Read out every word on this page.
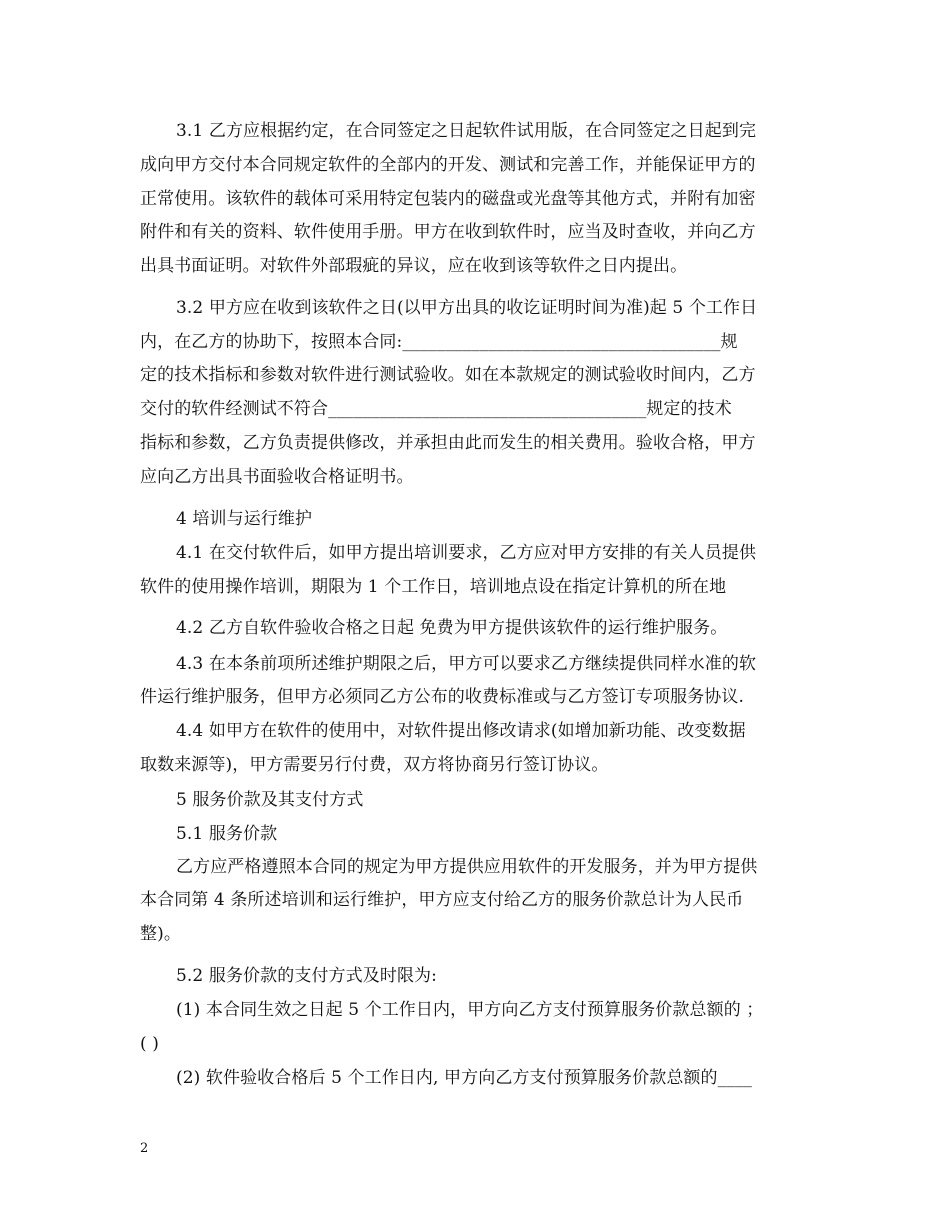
3.1 乙方应根据约定，在合同签定之日起软件试用版，在合同签定之日起到完
成向甲方交付本合同规定软件的全部内的开发、测试和完善工作，并能保证甲方的
正常使用。该软件的载体可采用特定包装内的磁盘或光盘等其他方式，并附有加密
附件和有关的资料、软件使用手册。甲方在收到软件时，应当及时查收，并向乙方
出具书面证明。对软件外部瑕疵的异议，应在收到该等软件之日内提出。
3.2 甲方应在收到该软件之日(以甲方出具的收讫证明时间为准)起 5 个工作日
内，在乙方的协助下，按照本合同:_____________________________________规
定的技术指标和参数对软件进行测试验收。如在本款规定的测试验收时间内，乙方
交付的软件经测试不符合_____________________________________规定的技术
指标和参数，乙方负责提供修改，并承担由此而发生的相关费用。验收合格，甲方
应向乙方出具书面验收合格证明书。
4 培训与运行维护
4.1 在交付软件后，如甲方提出培训要求，乙方应对甲方安排的有关人员提供
软件的使用操作培训，期限为 1 个工作日，培训地点设在指定计算机的所在地
4.2 乙方自软件验收合格之日起 免费为甲方提供该软件的运行维护服务。
4.3 在本条前项所述维护期限之后，甲方可以要求乙方继续提供同样水准的软
件运行维护服务，但甲方必须同乙方公布的收费标准或与乙方签订专项服务协议.
4.4 如甲方在软件的使用中，对软件提出修改请求(如增加新功能、改变数据
取数来源等)，甲方需要另行付费，双方将协商另行签订协议。
5 服务价款及其支付方式
5.1 服务价款
乙方应严格遵照本合同的规定为甲方提供应用软件的开发服务，并为甲方提供
本合同第 4 条所述培训和运行维护，甲方应支付给乙方的服务价款总计为人民币
整)。
5.2 服务价款的支付方式及时限为:
(1) 本合同生效之日起 5 个工作日内，甲方向乙方支付预算服务价款总额的 ；
( )
(2) 软件验收合格后 5 个工作日内, 甲方向乙方支付预算服务价款总额的____
2
